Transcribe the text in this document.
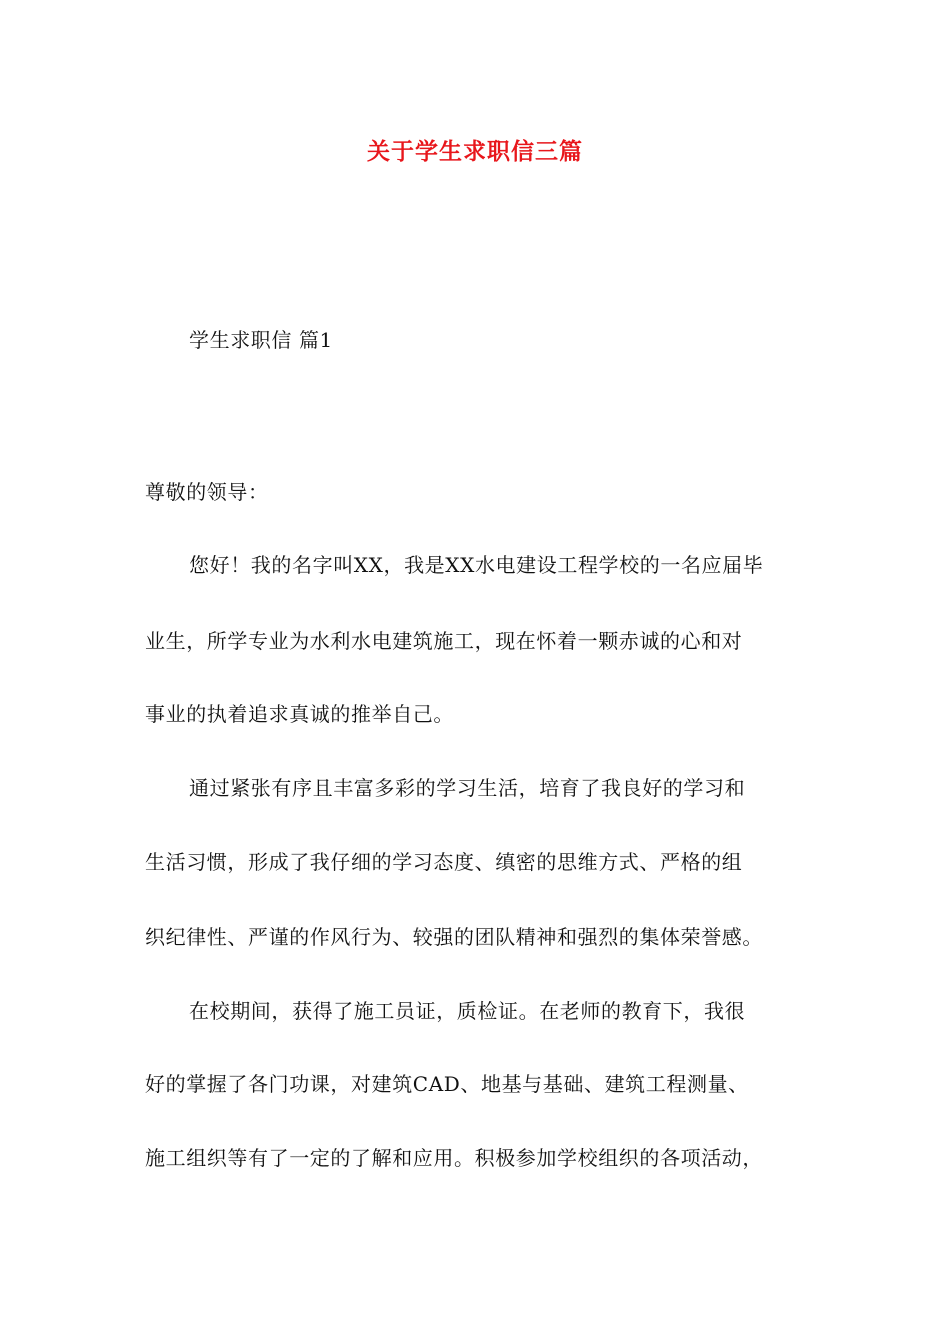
关于学生求职信三篇
学生求职信 篇1
尊敬的领导：
您好！我的名字叫XX，我是XX水电建设工程学校的一名应届毕
业生，所学专业为水利水电建筑施工，现在怀着一颗赤诚的心和对
事业的执着追求真诚的推举自己。
通过紧张有序且丰富多彩的学习生活，培育了我良好的学习和
生活习惯，形成了我仔细的学习态度、缜密的思维方式、严格的组
织纪律性、严谨的作风行为、较强的团队精神和强烈的集体荣誉感。
在校期间，获得了施工员证，质检证。在老师的教育下，我很
好的掌握了各门功课，对建筑CAD、地基与基础、建筑工程测量、
施工组织等有了一定的了解和应用。积极参加学校组织的各项活动，
